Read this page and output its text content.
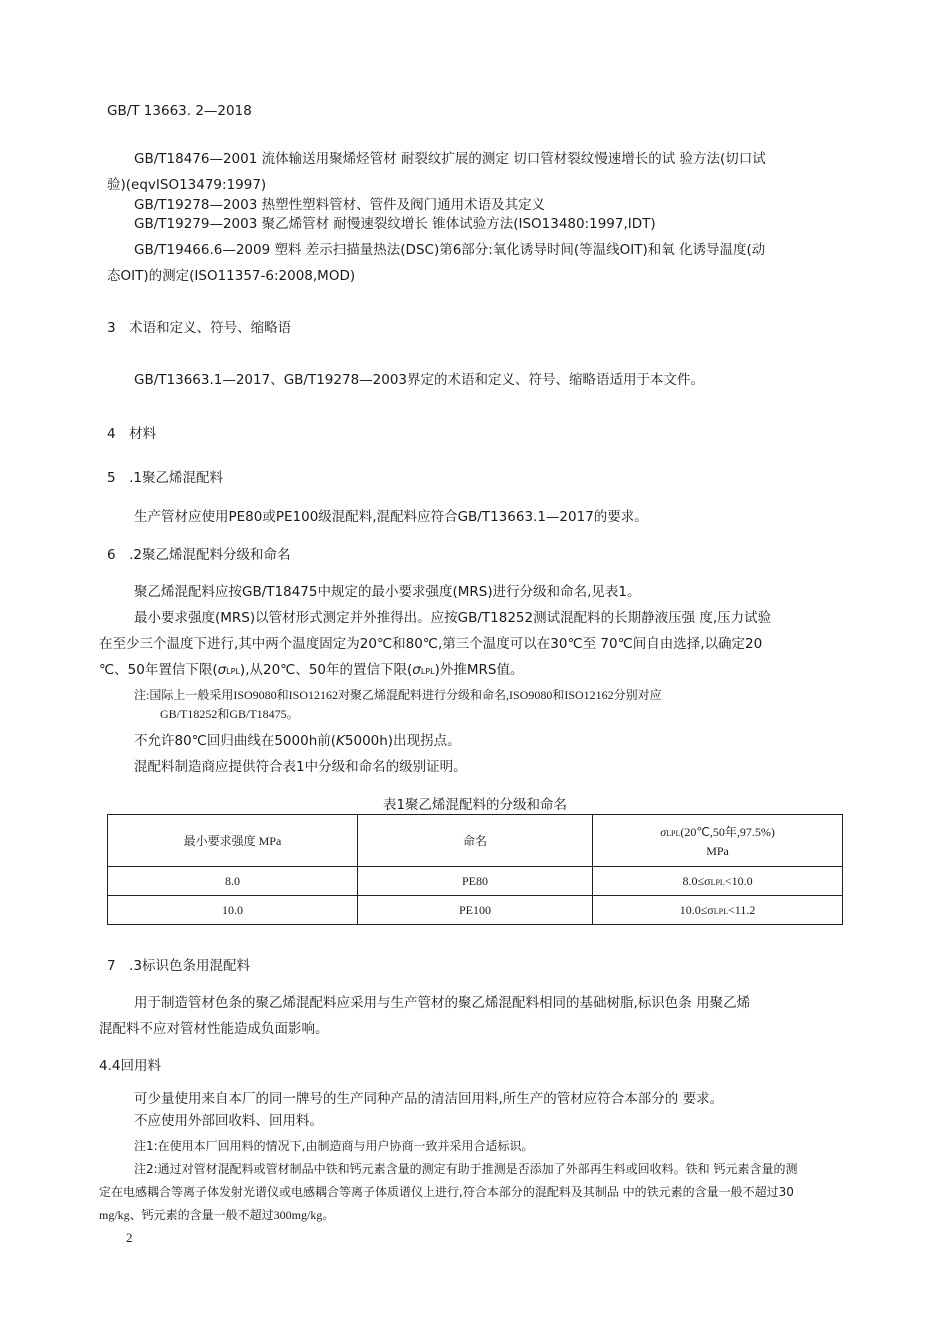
GB/T 13663. 2—2018

GB/T18476—2001 流体输送用聚烯烃管材 耐裂纹扩展的测定 切口管材裂纹慢速增长的试 验方法(切口试

验)(eqvISO13479:1997)

GB/T19278—2003 热塑性塑料管材、管件及阀门通用术语及其定义

GB/T19279—2003 聚乙烯管材 耐慢速裂纹增长 锥体试验方法(ISO13480:1997,IDT)

GB/T19466.6—2009 塑料 差示扫描量热法(DSC)第6部分:氧化诱导时间(等温线OIT)和氧 化诱导温度(动

态OIT)的测定(ISO11357-6:2008,MOD)

3　术语和定义、符号、缩略语

GB/T13663.1—2017、GB/T19278—2003界定的术语和定义、符号、缩略语适用于本文件。

4　材料

5　.1聚乙烯混配料

生产管材应使用PE80或PE100级混配料,混配料应符合GB/T13663.1—2017的要求。

6　.2聚乙烯混配料分级和命名

聚乙烯混配料应按GB/T18475中规定的最小要求强度(MRS)进行分级和命名,见表1。

最小要求强度(MRS)以管材形式测定并外推得出。应按GB/T18252测试混配料的长期静液压强 度,压力试验

在至少三个温度下进行,其中两个温度固定为20℃和80℃,第三个温度可以在30℃至 70℃间自由选择,以确定20

℃、50年置信下限(σLPL),从20℃、50年的置信下限(σLPL)外推MRS值。

注:国际上一般采用ISO9080和ISO12162对聚乙烯混配料进行分级和命名,ISO9080和ISO12162分别对应

GB/T18252和GB/T18475。

不允许80℃回归曲线在5000h前(K5000h)出现拐点。

混配料制造商应提供符合表1中分级和命名的级别证明。

表1聚乙烯混配料的分级和命名

最小要求强度 MPa	命名	σLPL(20℃,50年,97.5%)
MPa

8.0	PE80	8.0≤σLPL<10.0
10.0	PE100	10.0≤σLPL<11.2

7　.3标识色条用混配料

用于制造管材色条的聚乙烯混配料应采用与生产管材的聚乙烯混配料相同的基础树脂,标识色条 用聚乙烯

混配料不应对管材性能造成负面影响。

4.4回用料

可少量使用来自本厂的同一牌号的生产同种产品的清洁回用料,所生产的管材应符合本部分的 要求。

不应使用外部回收料、回用料。

注1:在使用本厂回用料的情况下,由制造商与用户协商一致并采用合适标识。

注2:通过对管材混配料或管材制品中铁和钙元素含量的测定有助于推测是否添加了外部再生料或回收料。铁和 钙元素含量的测

定在电感耦合等离子体发射光谱仪或电感耦合等离子体质谱仪上进行,符合本部分的混配料及其制品 中的铁元素的含量一般不超过30

mg/kg、钙元素的含量一般不超过300mg/kg。

2
